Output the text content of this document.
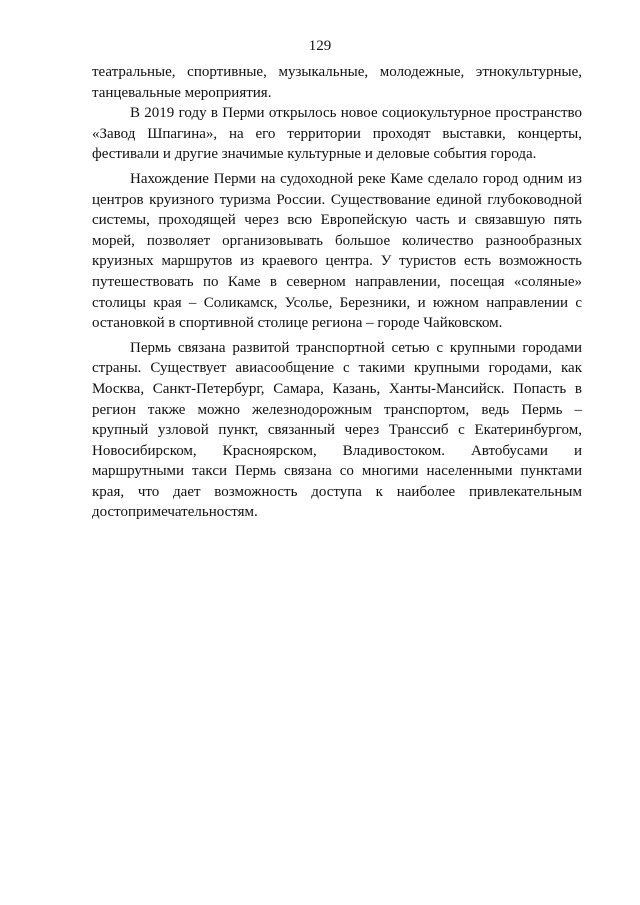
129

театральные, спортивные, музыкальные, молодежные, этнокультурные, танцевальные мероприятия.

В 2019 году в Перми открылось новое социокультурное пространство «Завод Шпагина», на его территории проходят выставки, концерты, фестивали и другие значимые культурные и деловые события города.

Нахождение Перми на судоходной реке Каме сделало город одним из центров круизного туризма России. Существование единой глубоководной системы, проходящей через всю Европейскую часть и связавшую пять морей, позволяет организовывать большое количество разнообразных круизных маршрутов из краевого центра. У туристов есть возможность путешествовать по Каме в северном направлении, посещая «соляные» столицы края – Соликамск, Усолье, Березники, и южном направлении с остановкой в спортивной столице региона – городе Чайковском.

Пермь связана развитой транспортной сетью с крупными городами страны. Существует авиасообщение с такими крупными городами, как Москва, Санкт-Петербург, Самара, Казань, Ханты-Мансийск. Попасть в регион также можно железнодорожным транспортом, ведь Пермь – крупный узловой пункт, связанный через Транссиб с Екатеринбургом, Новосибирском, Красноярском, Владивостоком. Автобусами и маршрутными такси Пермь связана со многими населенными пунктами края, что дает возможность доступа к наиболее привлекательным достопримечательностям.
